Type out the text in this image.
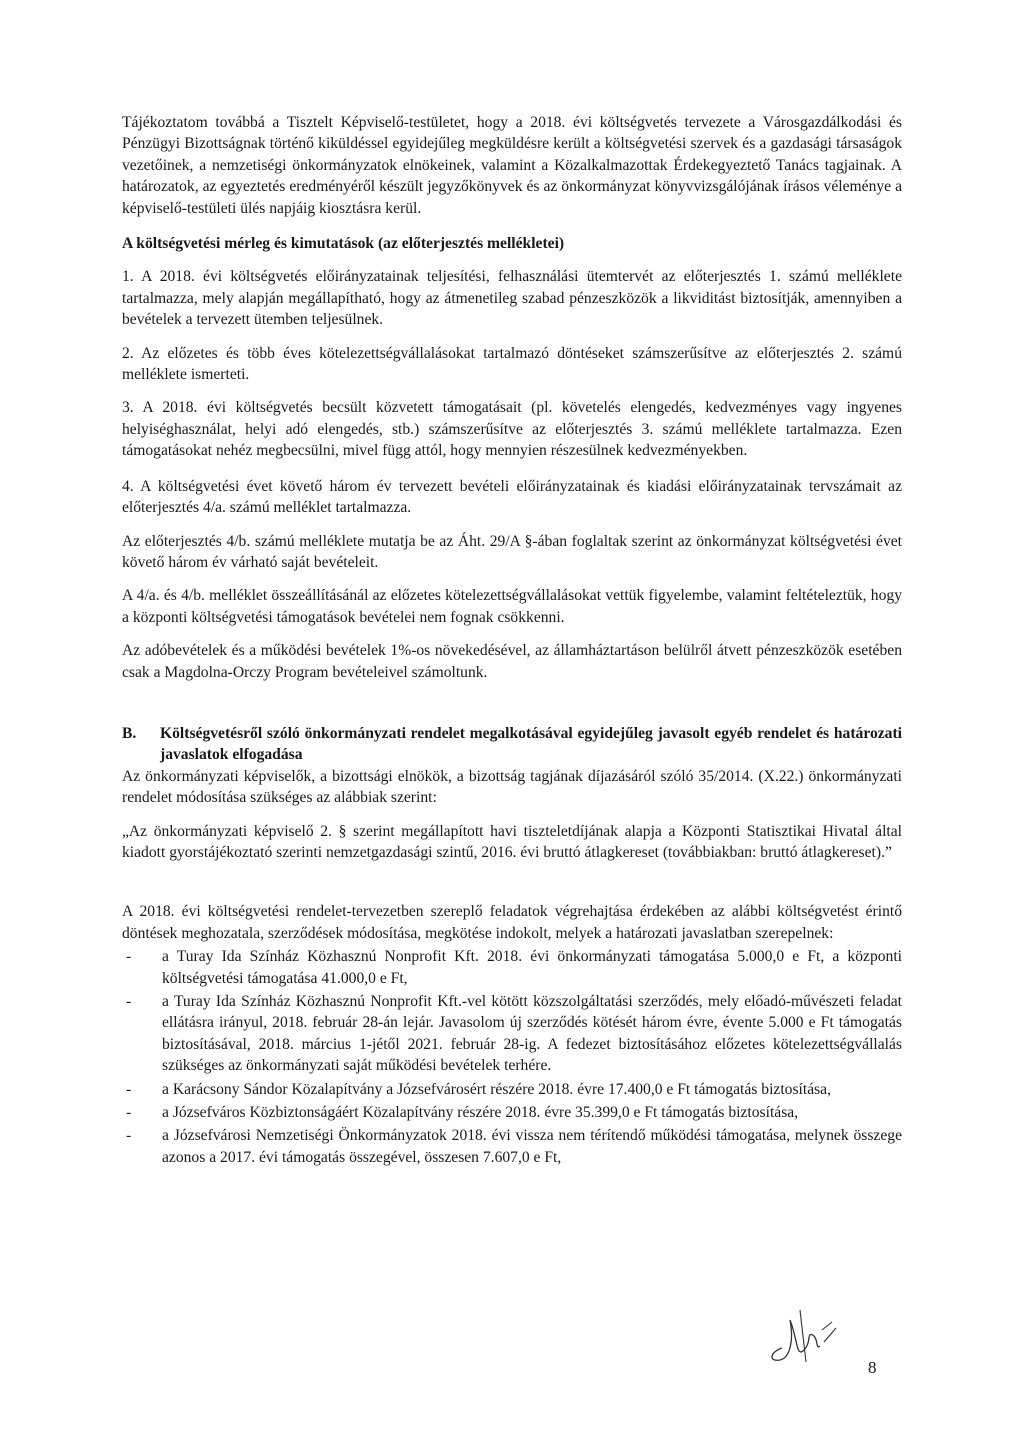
Tájékoztatom továbbá a Tisztelt Képviselő-testületet, hogy a 2018. évi költségvetés tervezete a Városgazdálkodási és Pénzügyi Bizottságnak történő kiküldéssel egyidejűleg megküldésre került a költségvetési szervek és a gazdasági társaságok vezetőinek, a nemzetiségi önkormányzatok elnökeinek, valamint a Közalkalmazottak Érdekegyeztető Tanács tagjainak. A határozatok, az egyeztetés eredményéről készült jegyzőkönyvek és az önkormányzat könyvvizsgálójának írásos véleménye a képviselő-testületi ülés napjáig kiosztásra kerül.

A költségvetési mérleg és kimutatások (az előterjesztés mellékletei)

1. A 2018. évi költségvetés előirányzatainak teljesítési, felhasználási ütemtervét az előterjesztés 1. számú melléklete tartalmazza, mely alapján megállapítható, hogy az átmenetileg szabad pénzeszközök a likviditást biztosítják, amennyiben a bevételek a tervezett ütemben teljesülnek.

2. Az előzetes és több éves kötelezettségvállalásokat tartalmazó döntéseket számszerűsítve az előterjesztés 2. számú melléklete ismerteti.

3. A 2018. évi költségvetés becsült közvetett támogatásait (pl. követelés elengedés, kedvezményes vagy ingyenes helyiséghasználat, helyi adó elengedés, stb.) számszerűsítve az előterjesztés 3. számú melléklete tartalmazza. Ezen támogatásokat nehéz megbecsülni, mivel függ attól, hogy mennyien részesülnek kedvezményekben.

4. A költségvetési évet követő három év tervezett bevételi előirányzatainak és kiadási előirányzatainak tervszámait az előterjesztés 4/a. számú melléklet tartalmazza.

Az előterjesztés 4/b. számú melléklete mutatja be az Áht. 29/A §-ában foglaltak szerint az önkormányzat költségvetési évet követő három év várható saját bevételeit.

A 4/a. és 4/b. melléklet összeállításánál az előzetes kötelezettségvállalásokat vettük figyelembe, valamint feltételeztük, hogy a központi költségvetési támogatások bevételei nem fognak csökkenni.

Az adóbevételek és a működési bevételek 1%-os növekedésével, az államháztartáson belülről átvett pénzeszközök esetében csak a Magdolna-Orczy Program bevételeivel számoltunk.

B.	Költségvetésről szóló önkormányzati rendelet megalkotásával egyidejűleg javasolt egyéb rendelet és határozati javaslatok elfogadása

Az önkormányzati képviselők, a bizottsági elnökök, a bizottság tagjának díjazásáról szóló 35/2014. (X.22.) önkormányzati rendelet módosítása szükséges az alábbiak szerint:

„Az önkormányzati képviselő 2. § szerint megállapított havi tiszteletdíjának alapja a Központi Statisztikai Hivatal által kiadott gyorstájékoztató szerinti nemzetgazdasági szintű, 2016. évi bruttó átlagkereset (továbbiakban: bruttó átlagkereset).”

A 2018. évi költségvetési rendelet-tervezetben szereplő feladatok végrehajtása érdekében az alábbi költségvetést érintő döntések meghozatala, szerződések módosítása, megkötése indokolt, melyek a határozati javaslatban szerepelnek:

- a Turay Ida Színház Közhasznú Nonprofit Kft. 2018. évi önkormányzati támogatása 5.000,0 e Ft, a központi költségvetési támogatása 41.000,0 e Ft,
- a Turay Ida Színház Közhasznú Nonprofit Kft.-vel kötött közszolgáltatási szerződés, mely előadó-művészeti feladat ellátásra irányul, 2018. február 28-án lejár. Javasolom új szerződés kötését három évre, évente 5.000 e Ft támogatás biztosításával, 2018. március 1-jétől 2021. február 28-ig. A fedezet biztosításához előzetes kötelezettségvállalás szükséges az önkormányzati saját működési bevételek terhére.
- a Karácsony Sándor Közalapítvány a Józsefvárosért részére 2018. évre 17.400,0 e Ft támogatás biztosítása,
- a Józsefváros Közbiztonságáért Közalapítvány részére 2018. évre 35.399,0 e Ft támogatás biztosítása,
- a Józsefvárosi Nemzetiségi Önkormányzatok 2018. évi vissza nem térítendő működési támogatása, melynek összege azonos a 2017. évi támogatás összegével, összesen 7.607,0 e Ft,
8
